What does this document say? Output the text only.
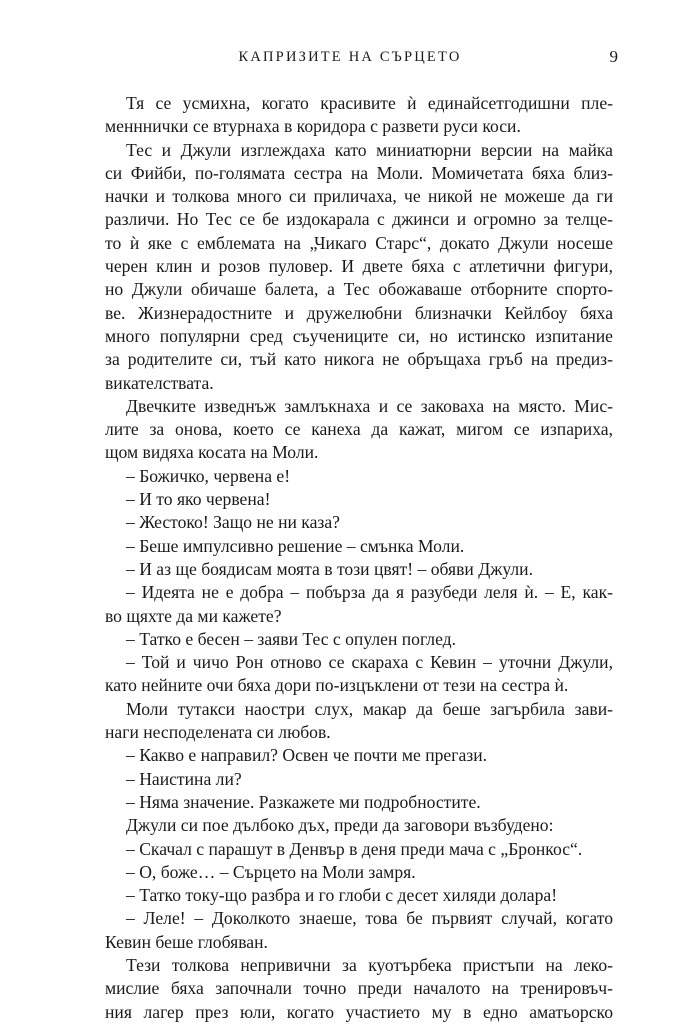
КАПРИЗИТЕ НА СЪРЦЕТО	9
Тя се усмихна, когато красивите ѝ единайсетгодишни пле-
менннички се втурнаха в коридора с развети руси коси.
Тес и Джули изглеждаха като миниатюрни версии на майка
си Фийби, по-голямата сестра на Моли. Момичетата бяха близ-
начки и толкова много си приличаха, че никой не можеше да ги
различи. Но Тес се бе издокарала с джинси и огромно за телце-
то ѝ яке с емблемата на „Чикаго Старс“, докато Джули носеше
черен клин и розов пуловер. И двете бяха с атлетични фигури,
но Джули обичаше балета, а Тес обожаваше отборните спорто-
ве. Жизнерадостните и дружелюбни близначки Кейлбоу бяха
много популярни сред съучениците си, но истинско изпитание
за родителите си, тъй като никога не обръщаха гръб на предиз-
викателствата.
Двечките изведнъж замлъкнаха и се заковаха на място. Мис-
лите за онова, което се канеха да кажат, мигом се изпариха,
щом видяха косата на Моли.
– Божичко, червена е!
– И то яко червена!
– Жестоко! Защо не ни каза?
– Беше импулсивно решение – смънка Моли.
– И аз ще боядисам моята в този цвят! – обяви Джули.
– Идеята не е добра – побърза да я разубеди леля ѝ. – Е, как-
во щяхте да ми кажете?
– Татко е бесен – заяви Тес с опулен поглед.
– Той и чичо Рон отново се скараха с Кевин – уточни Джули,
като нейните очи бяха дори по-изцъклени от тези на сестра ѝ.
Моли тутакси наостри слух, макар да беше загърбила зави-
наги несподелената си любов.
– Какво е направил? Освен че почти ме прегази.
– Наистина ли?
– Няма значение. Разкажете ми подробностите.
Джули си пое дълбоко дъх, преди да заговори възбудено:
– Скачал с парашут в Денвър в деня преди мача с „Бронкос“.
– О, боже… – Сърцето на Моли замря.
– Татко току-що разбра и го глоби с десет хиляди долара!
– Леле! – Доколкото знаеше, това бе първият случай, когато
Кевин беше глобяван.
Тези толкова непривични за куотърбека пристъпи на леко-
мислие бяха започнали точно преди началото на тренировъч-
ния лагер през юли, когато участието му в едно аматьорско
